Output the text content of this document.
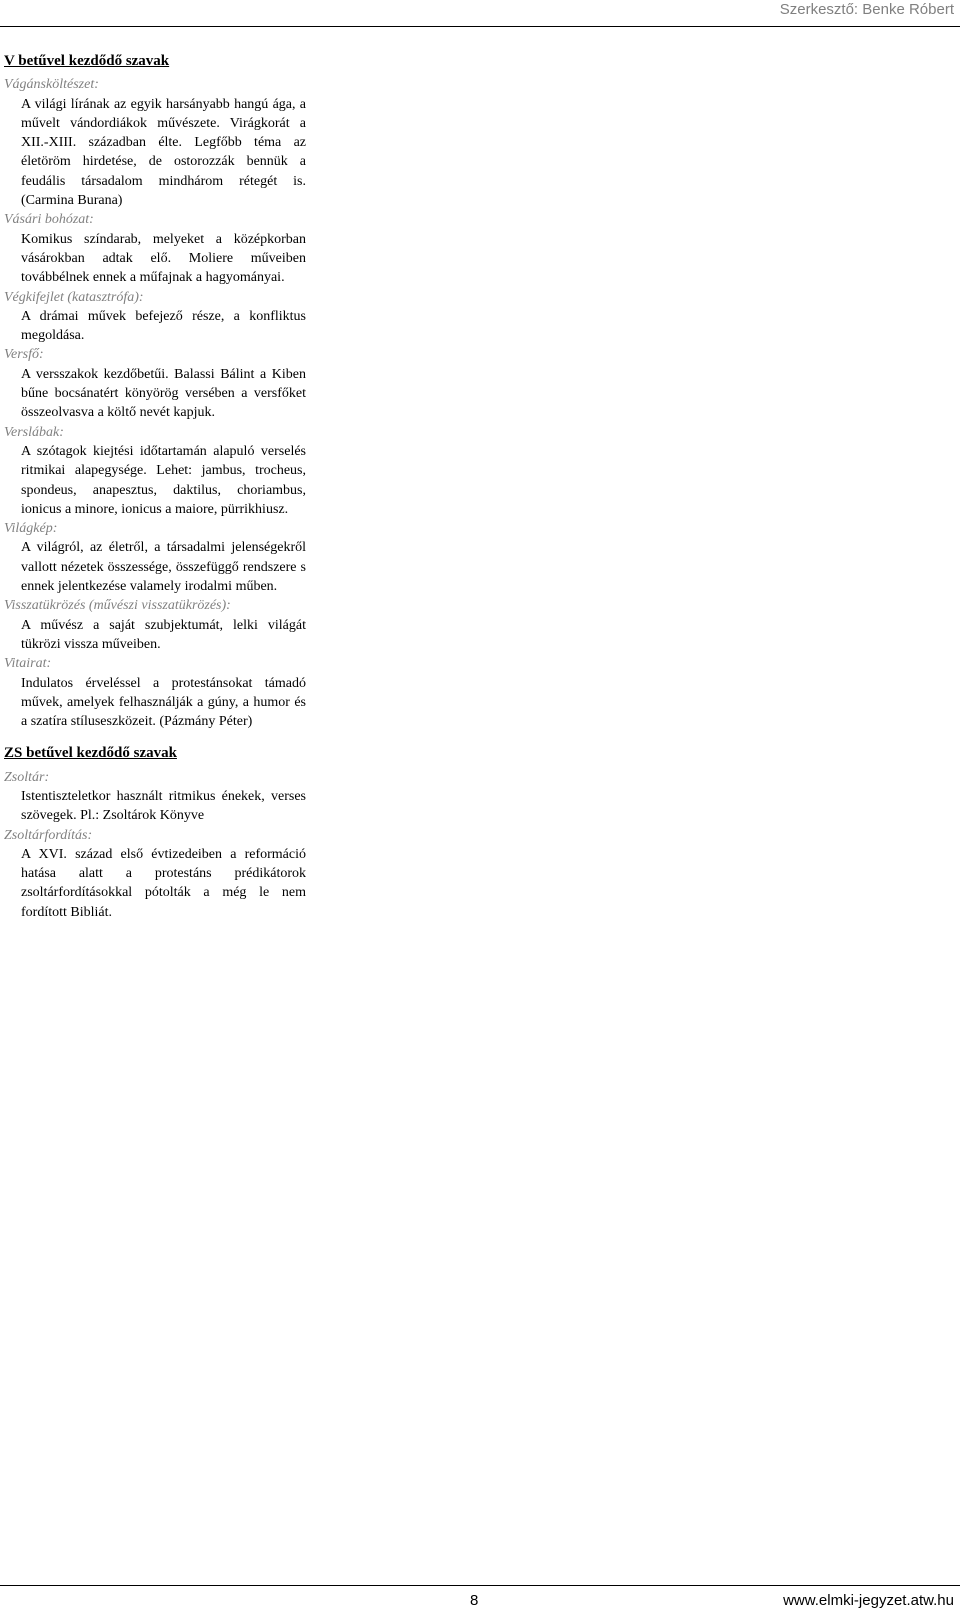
Szerkesztő: Benke Róbert
V betűvel kezdődő szavak
Vágánsköltészet:
A világi lírának az egyik harsányabb hangú ága, a művelt vándordiákok művészete. Virágkorát a XII.-XIII. században élte. Legfőbb téma az életöröm hirdetése, de ostorozzák bennük a feudális társadalom mindhárom rétegét is. (Carmina Burana)
Vásári bohózat:
Komikus színdarab, melyeket a középkorban vásárokban adtak elő. Moliere műveiben továbbélnek ennek a műfajnak a hagyományai.
Végkifejlet (katasztrófa):
A drámai művek befejező része, a konfliktus megoldása.
Versfő:
A versszakok kezdőbetűi. Balassi Bálint a Kiben bűne bocsánatért könyörög versében a versfőket összeolvasva a költő nevét kapjuk.
Verslábak:
A szótagok kiejtési időtartamán alapuló verselés ritmikai alapegysége. Lehet: jambus, trocheus, spondeus, anapesztus, daktilus, choriambus, ionicus a minore, ionicus a maiore, pürrikhiusz.
Világkép:
A világról, az életről, a társadalmi jelenségekről vallott nézetek összessége, összefüggő rendszere s ennek jelentkezése valamely irodalmi műben.
Visszatükrözés (művészi visszatükrözés):
A művész a saját szubjektumát, lelki világát tükrözi vissza műveiben.
Vitairat:
Indulatos érveléssel a protestánsokat támadó művek, amelyek felhasználják a gúny, a humor és a szatíra stíluseszközeit. (Pázmány Péter)
ZS betűvel kezdődő szavak
Zsoltár:
Istentiszteletkor használt ritmikus énekek, verses szövegek. Pl.: Zsoltárok Könyve
Zsoltárfordítás:
A XVI. század első évtizedeiben a reformáció hatása alatt a protestáns prédikátorok zsoltárfordításokkal pótolták a még le nem fordított Bibliát.
8	www.elmki-jegyzet.atw.hu
